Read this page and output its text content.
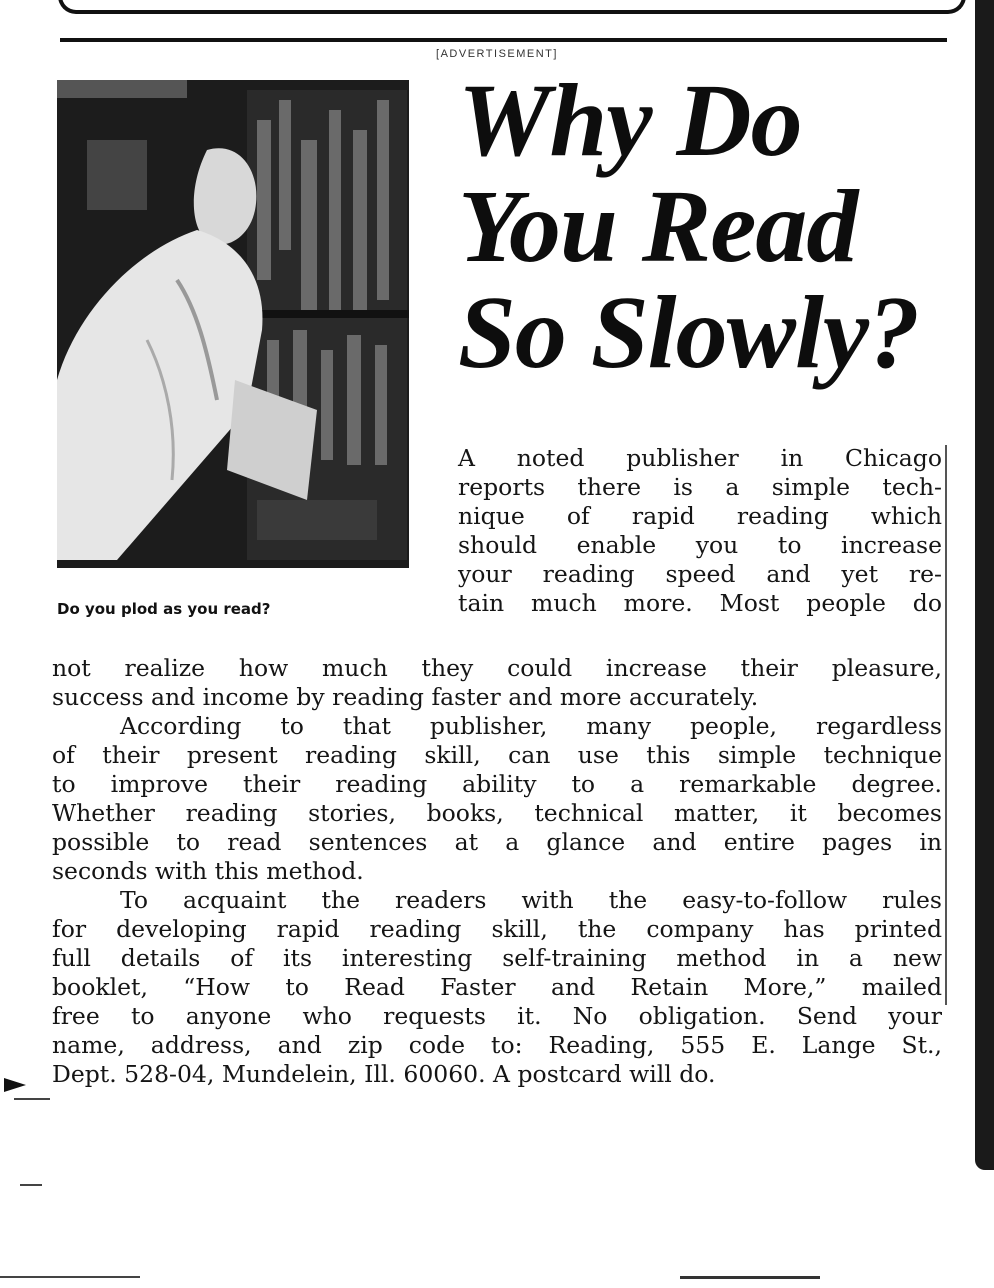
[ADVERTISEMENT]
Do you plod as you read?
Why Do
You Read
So Slowly?
A noted publisher in Chicago
reports there is a simple tech-
nique of rapid reading which
should enable you to increase
your reading speed and yet re-
tain much more. Most people do
not realize how much they could increase their pleasure,
success and income by reading faster and more accurately.
According to that publisher, many people, regardless
of their present reading skill, can use this simple technique
to improve their reading ability to a remarkable degree.
Whether reading stories, books, technical matter, it becomes
possible to read sentences at a glance and entire pages in
seconds with this method.
To acquaint the readers with the easy-to-follow rules
for developing rapid reading skill, the company has printed
full details of its interesting self-training method in a new
booklet, “How to Read Faster and Retain More,” mailed
free to anyone who requests it. No obligation. Send your
name, address, and zip code to: Reading, 555 E. Lange St.,
Dept. 528-04, Mundelein, Ill. 60060. A postcard will do.
